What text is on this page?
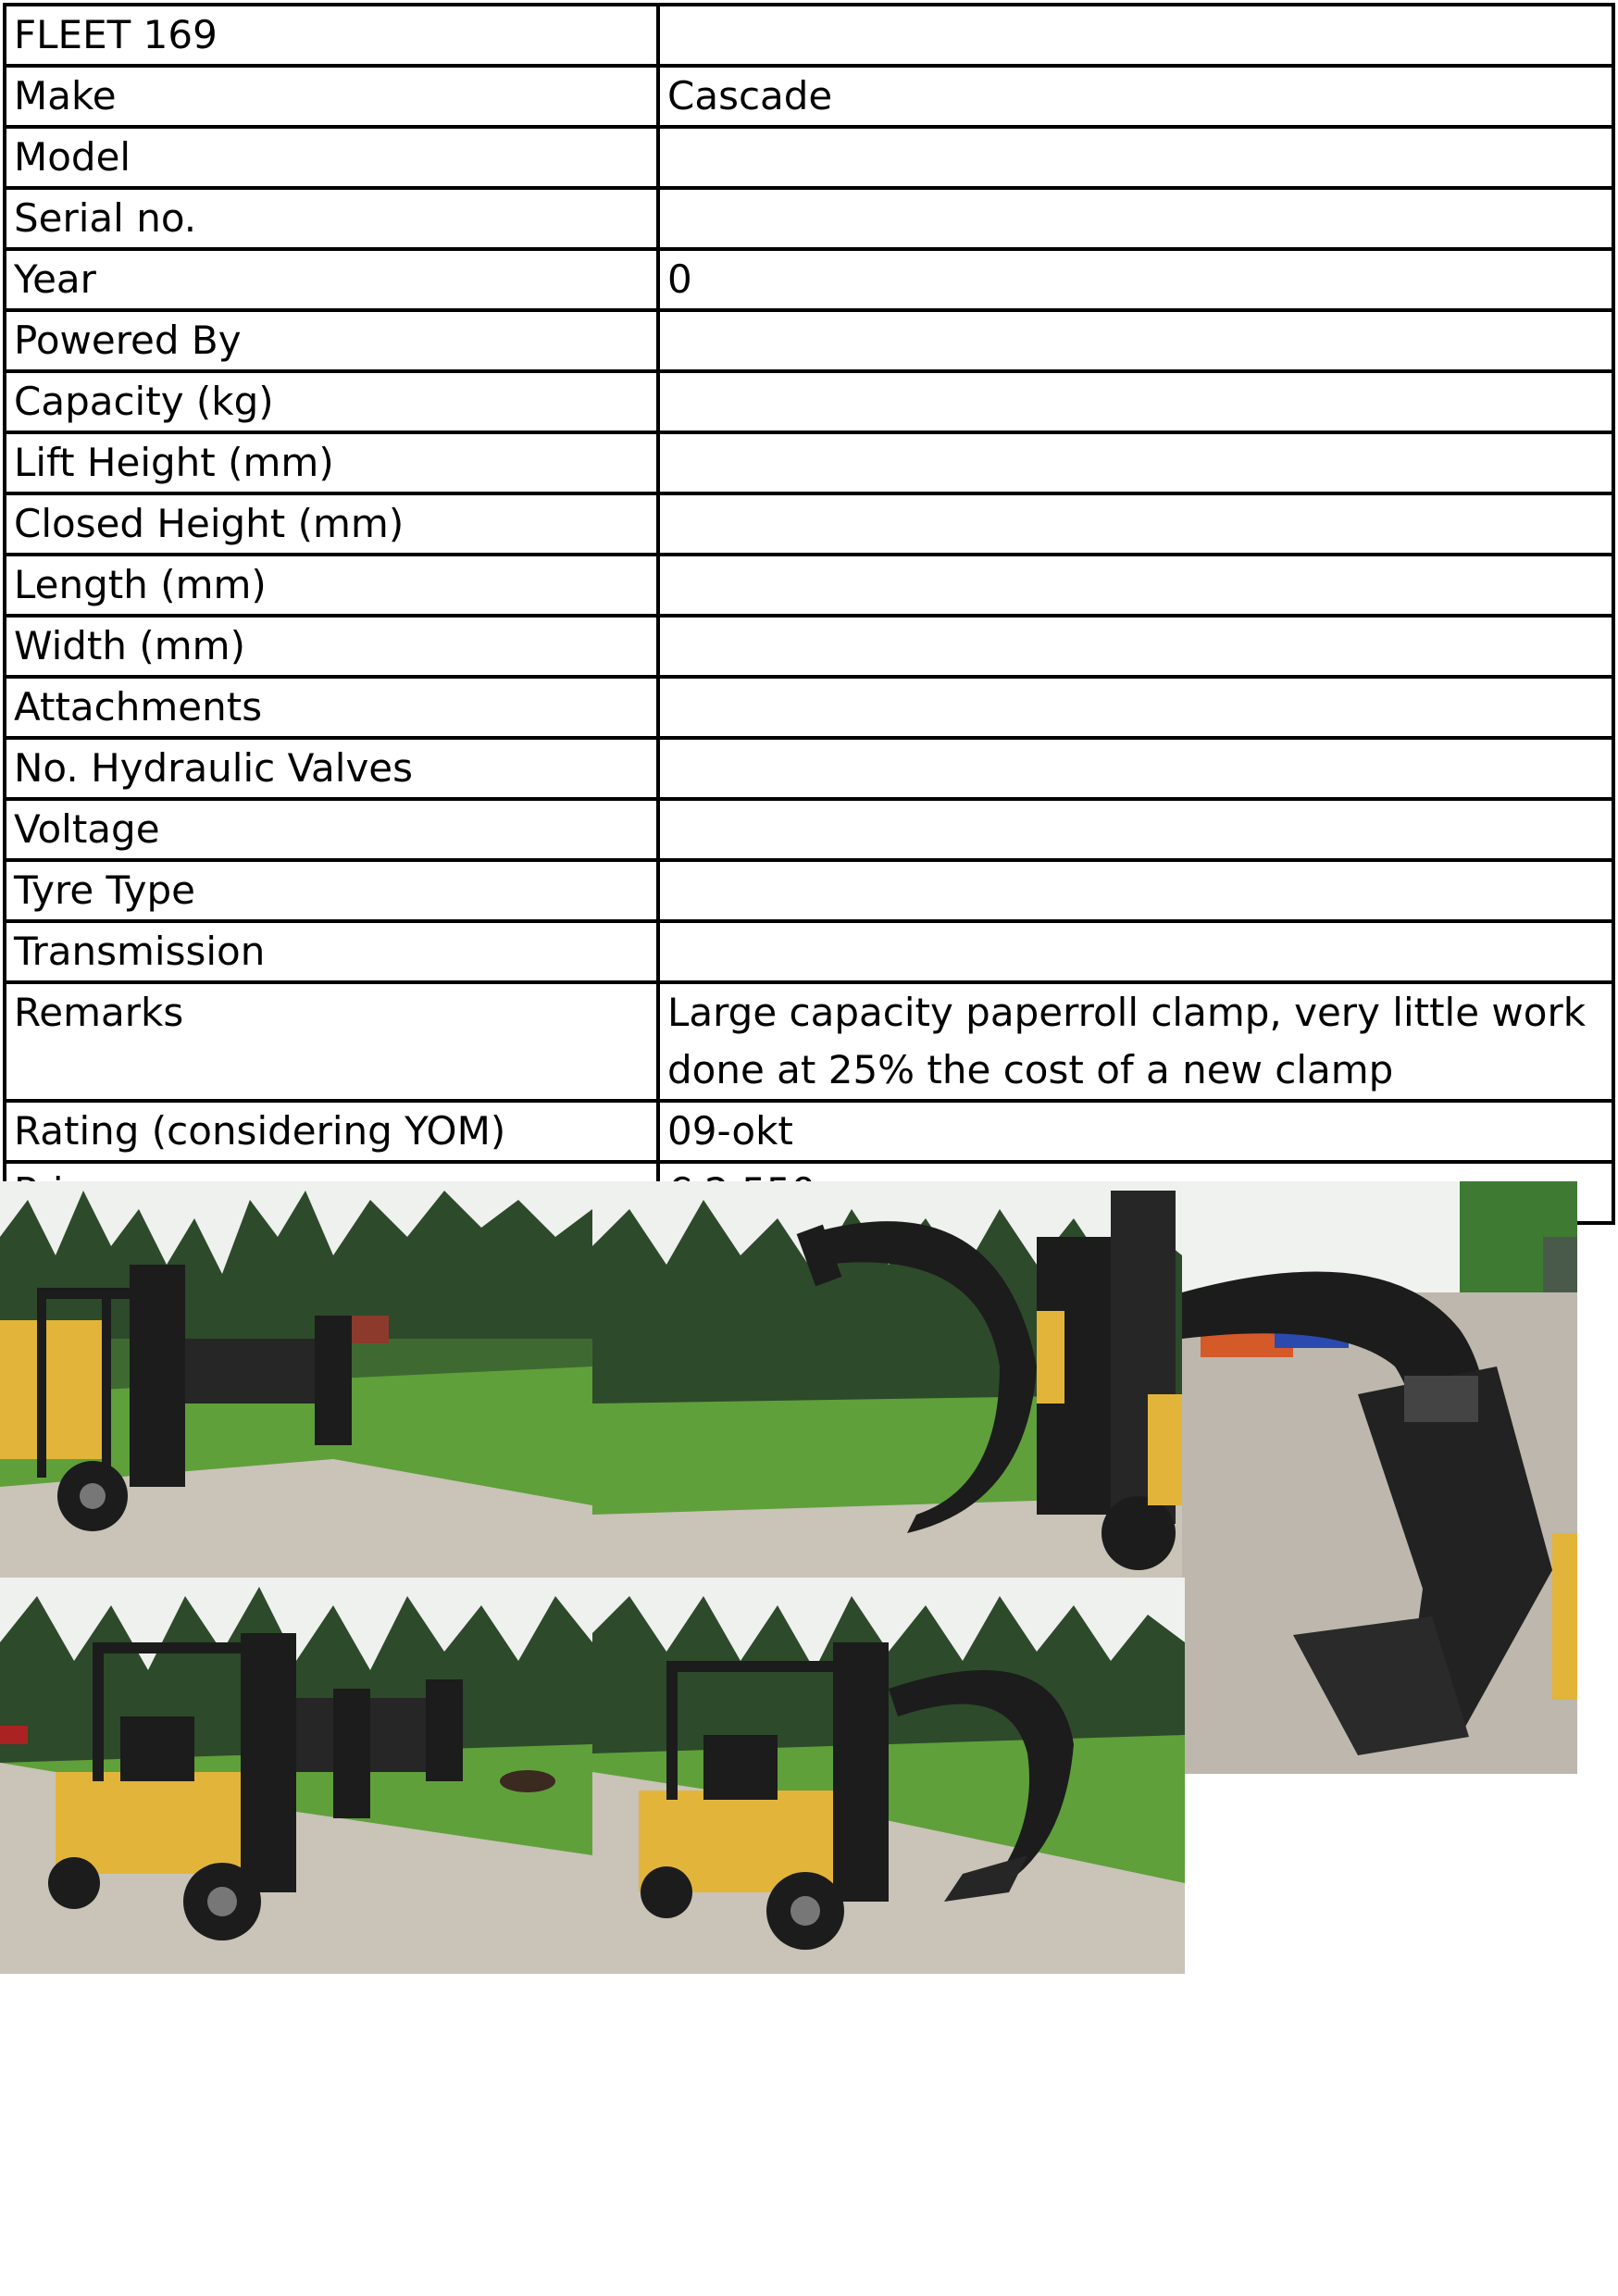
FLEET 169	
Make	Cascade
Model	
Serial no.	
Year	0
Powered By	
Capacity (kg)	
Lift Height (mm)	
Closed Height (mm)	
Length (mm)	
Width (mm)	
Attachments	
No. Hydraulic Valves	
Voltage	
Tyre Type	
Transmission	
Remarks	Large capacity paperroll clamp, very little work done at 25% the cost of a new clamp
Rating (considering YOM)	09-okt
